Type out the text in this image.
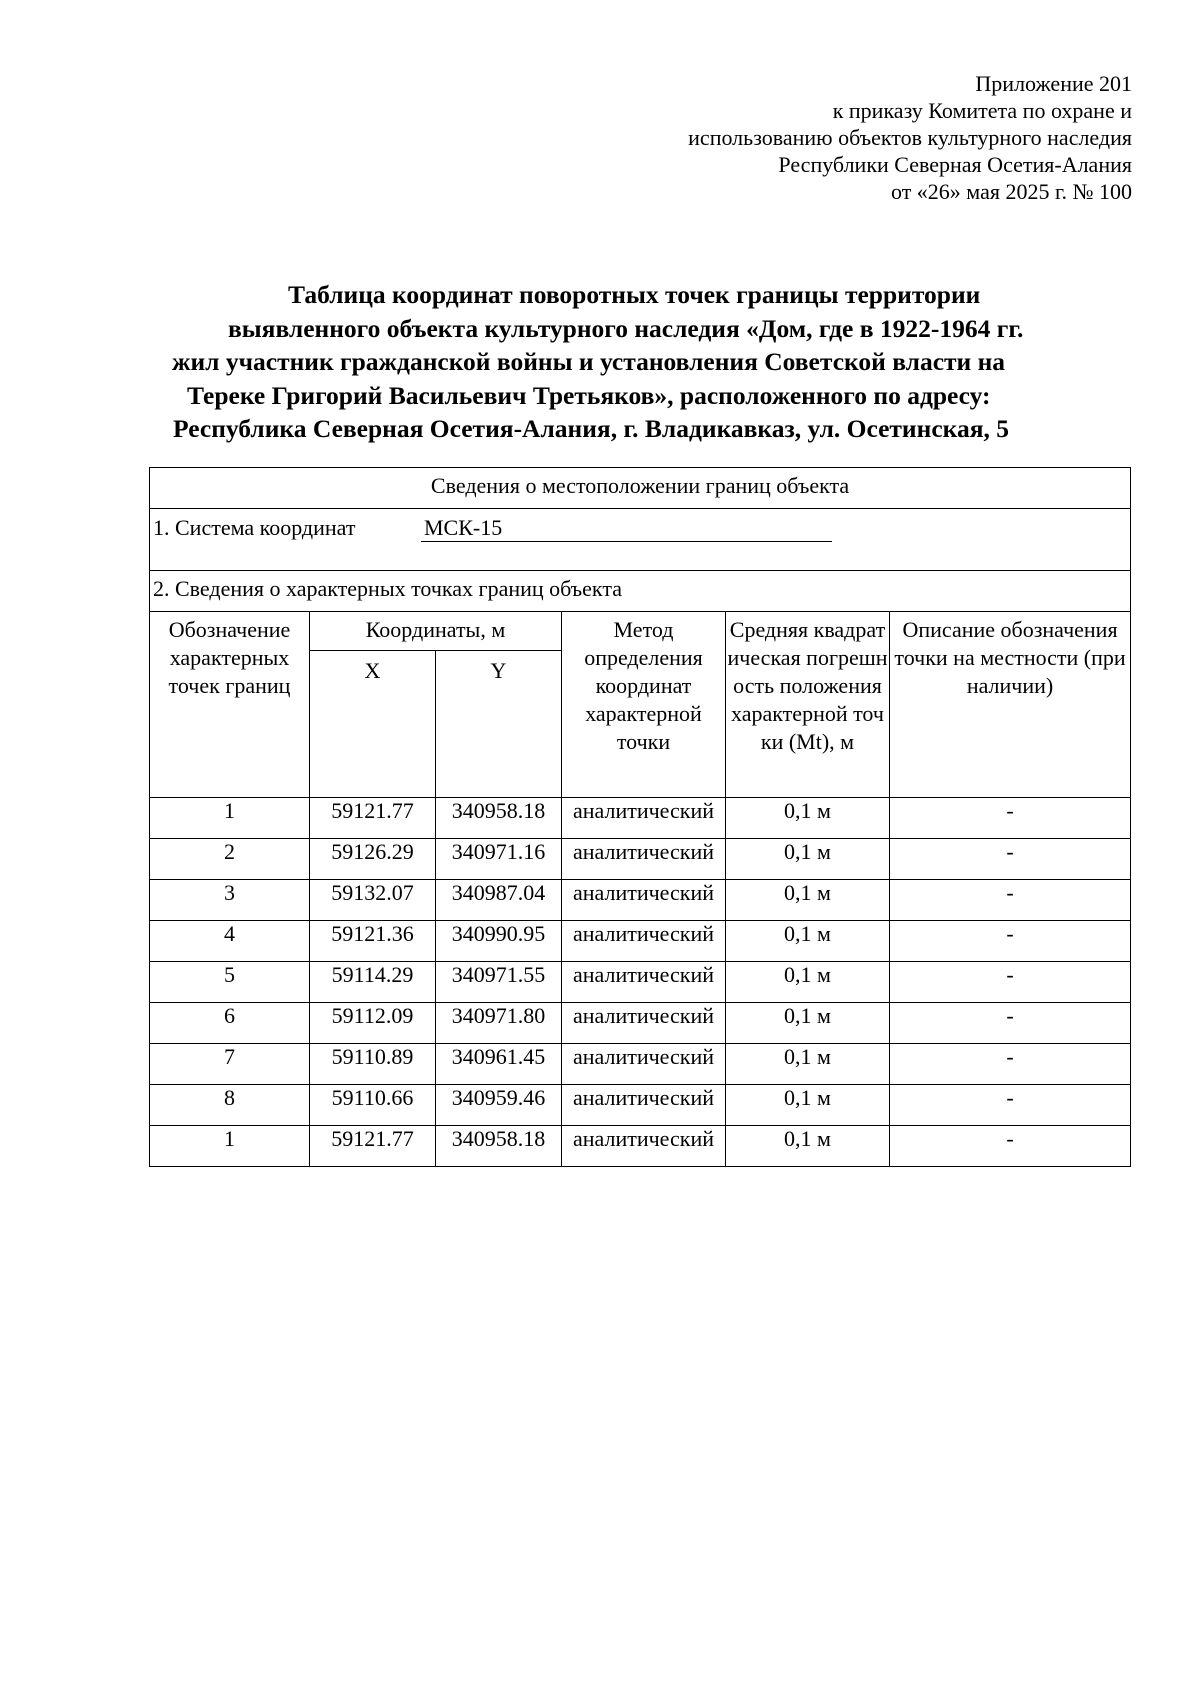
Приложение 201
к приказу Комитета по охране и
использованию объектов культурного наследия
Республики Северная Осетия-Алания
от «26» мая 2025 г. № 100
Таблица координат поворотных точек границы территории
выявленного объекта культурного наследия «Дом, где в 1922-1964 гг.
жил участник гражданской войны и установления Советской власти на
Тереке Григорий Васильевич Третьяков», расположенного по адресу:
Республика Северная Осетия-Алания, г. Владикавказ, ул. Осетинская, 5
Сведения о местоположении границ объекта					
1. Система координат МСК-15					
2. Сведения о характерных точках границ объекта					
Обозначение характерных точек границ	Координаты, м		Метод определения координат характерной точки	Средняя квадратическая погрешность положения характерной точки (Mt), м	Описание обозначения точки на местности (при наличии)
	X	Y			
1	59121.77	340958.18	аналитический	0,1 м	-
2	59126.29	340971.16	аналитический	0,1 м	-
3	59132.07	340987.04	аналитический	0,1 м	-
4	59121.36	340990.95	аналитический	0,1 м	-
5	59114.29	340971.55	аналитический	0,1 м	-
6	59112.09	340971.80	аналитический	0,1 м	-
7	59110.89	340961.45	аналитический	0,1 м	-
8	59110.66	340959.46	аналитический	0,1 м	-
1	59121.77	340958.18	аналитический	0,1 м	-
